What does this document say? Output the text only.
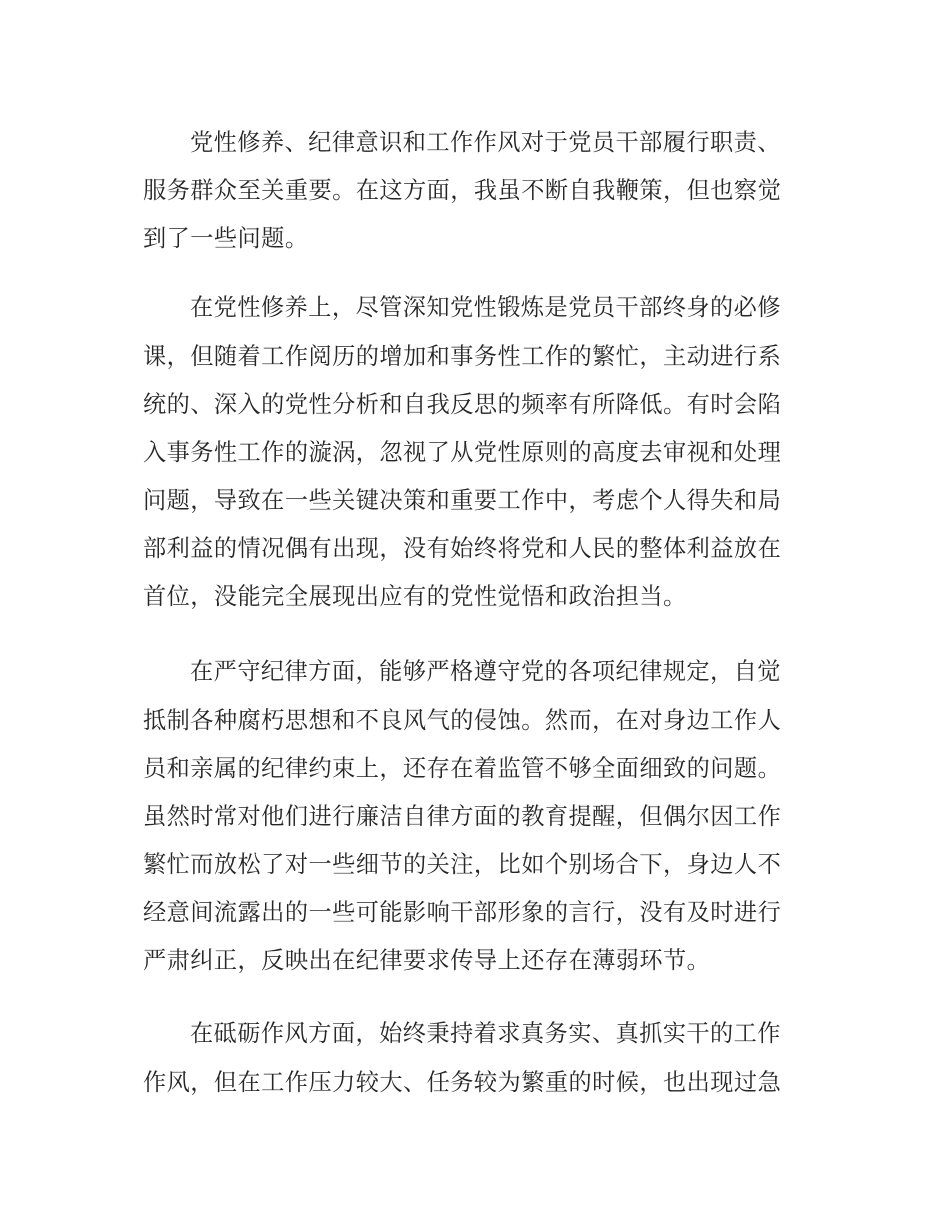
党性修养、纪律意识和工作作风对于党员干部履行职责、
服务群众至关重要。在这方面，我虽不断自我鞭策，但也察觉
到了一些问题。
在党性修养上，尽管深知党性锻炼是党员干部终身的必修
课，但随着工作阅历的增加和事务性工作的繁忙，主动进行系
统的、深入的党性分析和自我反思的频率有所降低。有时会陷
入事务性工作的漩涡，忽视了从党性原则的高度去审视和处理
问题，导致在一些关键决策和重要工作中，考虑个人得失和局
部利益的情况偶有出现，没有始终将党和人民的整体利益放在
首位，没能完全展现出应有的党性觉悟和政治担当。
在严守纪律方面，能够严格遵守党的各项纪律规定，自觉
抵制各种腐朽思想和不良风气的侵蚀。然而，在对身边工作人
员和亲属的纪律约束上，还存在着监管不够全面细致的问题。
虽然时常对他们进行廉洁自律方面的教育提醒，但偶尔因工作
繁忙而放松了对一些细节的关注，比如个别场合下，身边人不
经意间流露出的一些可能影响干部形象的言行，没有及时进行
严肃纠正，反映出在纪律要求传导上还存在薄弱环节。
在砥砺作风方面，始终秉持着求真务实、真抓实干的工作
作风，但在工作压力较大、任务较为繁重的时候，也出现过急
